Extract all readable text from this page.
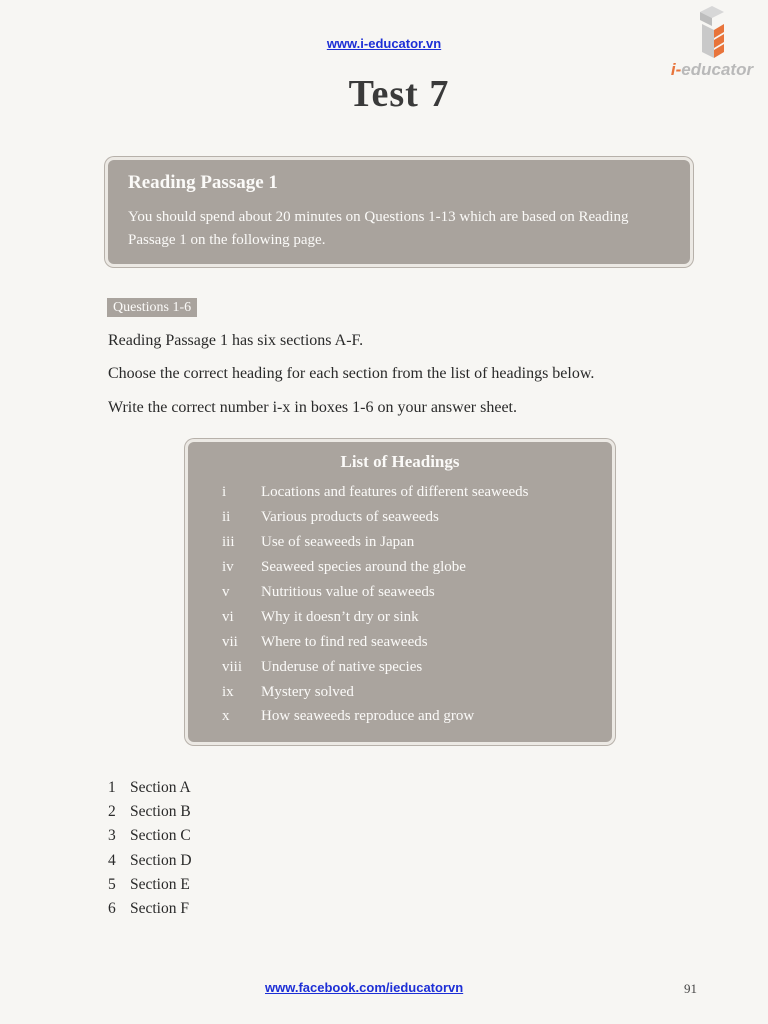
www.i-educator.vn
i-educator
Test 7
Reading Passage 1
You should spend about 20 minutes on Questions 1-13 which are based on Reading Passage 1 on the following page.
Questions 1-6
Reading Passage 1 has six sections A-F.
Choose the correct heading for each section from the list of headings below.
Write the correct number i-x in boxes 1-6 on your answer sheet.
List of Headings
i	Locations and features of different seaweeds
ii	Various products of seaweeds
iii	Use of seaweeds in Japan
iv	Seaweed species around the globe
v	Nutritious value of seaweeds
vi	Why it doesn’t dry or sink
vii	Where to find red seaweeds
viii	Underuse of native species
ix	Mystery solved
x	How seaweeds reproduce and grow
1 Section A
2 Section B
3 Section C
4 Section D
5 Section E
6 Section F
www.facebook.com/ieducatorvn	91
